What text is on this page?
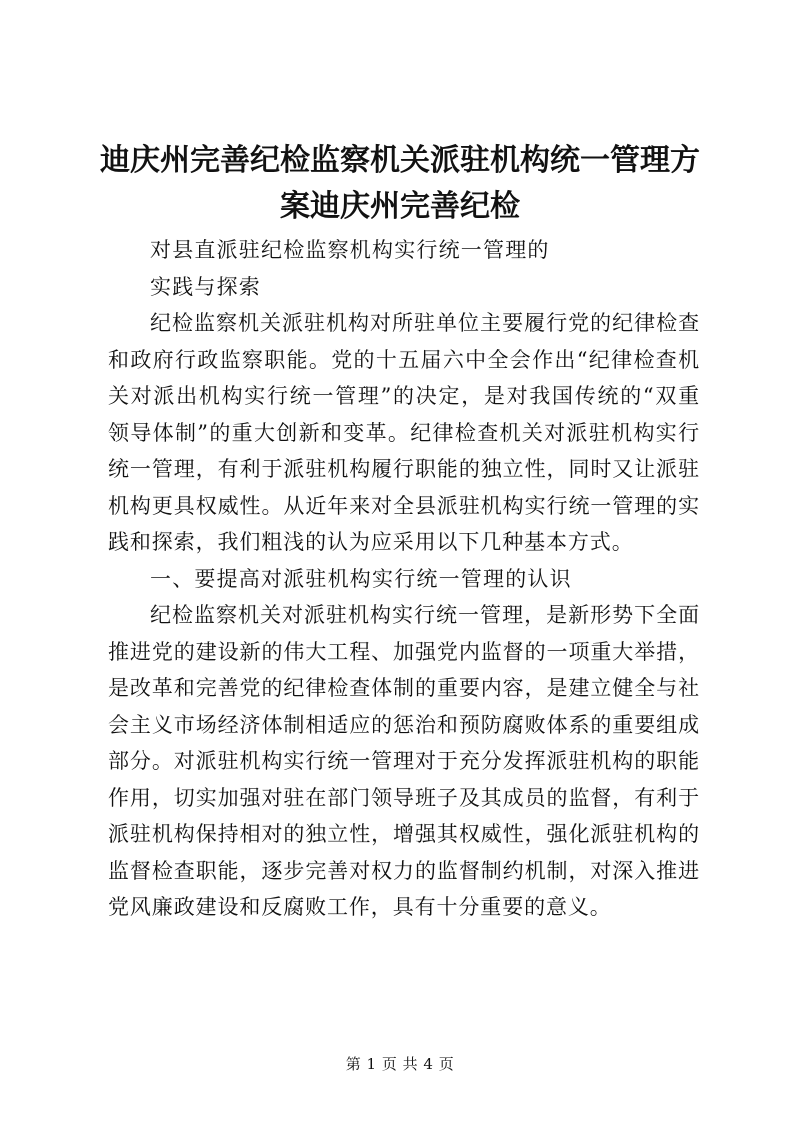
迪庆州完善纪检监察机关派驻机构统一管理方案迪庆州完善纪检

对县直派驻纪检监察机构实行统一管理的

实践与探索

纪检监察机关派驻机构对所驻单位主要履行党的纪律检查和政府行政监察职能。党的十五届六中全会作出“纪律检查机关对派出机构实行统一管理”的决定，是对我国传统的“双重领导体制”的重大创新和变革。纪律检查机关对派驻机构实行统一管理，有利于派驻机构履行职能的独立性，同时又让派驻机构更具权威性。从近年来对全县派驻机构实行统一管理的实践和探索，我们粗浅的认为应采用以下几种基本方式。

一、要提高对派驻机构实行统一管理的认识

纪检监察机关对派驻机构实行统一管理，是新形势下全面推进党的建设新的伟大工程、加强党内监督的一项重大举措，是改革和完善党的纪律检查体制的重要内容，是建立健全与社会主义市场经济体制相适应的惩治和预防腐败体系的重要组成部分。对派驻机构实行统一管理对于充分发挥派驻机构的职能作用，切实加强对驻在部门领导班子及其成员的监督，有利于派驻机构保持相对的独立性，增强其权威性，强化派驻机构的监督检查职能，逐步完善对权力的监督制约机制，对深入推进党风廉政建设和反腐败工作，具有十分重要的意义。

第 1 页 共 4 页
